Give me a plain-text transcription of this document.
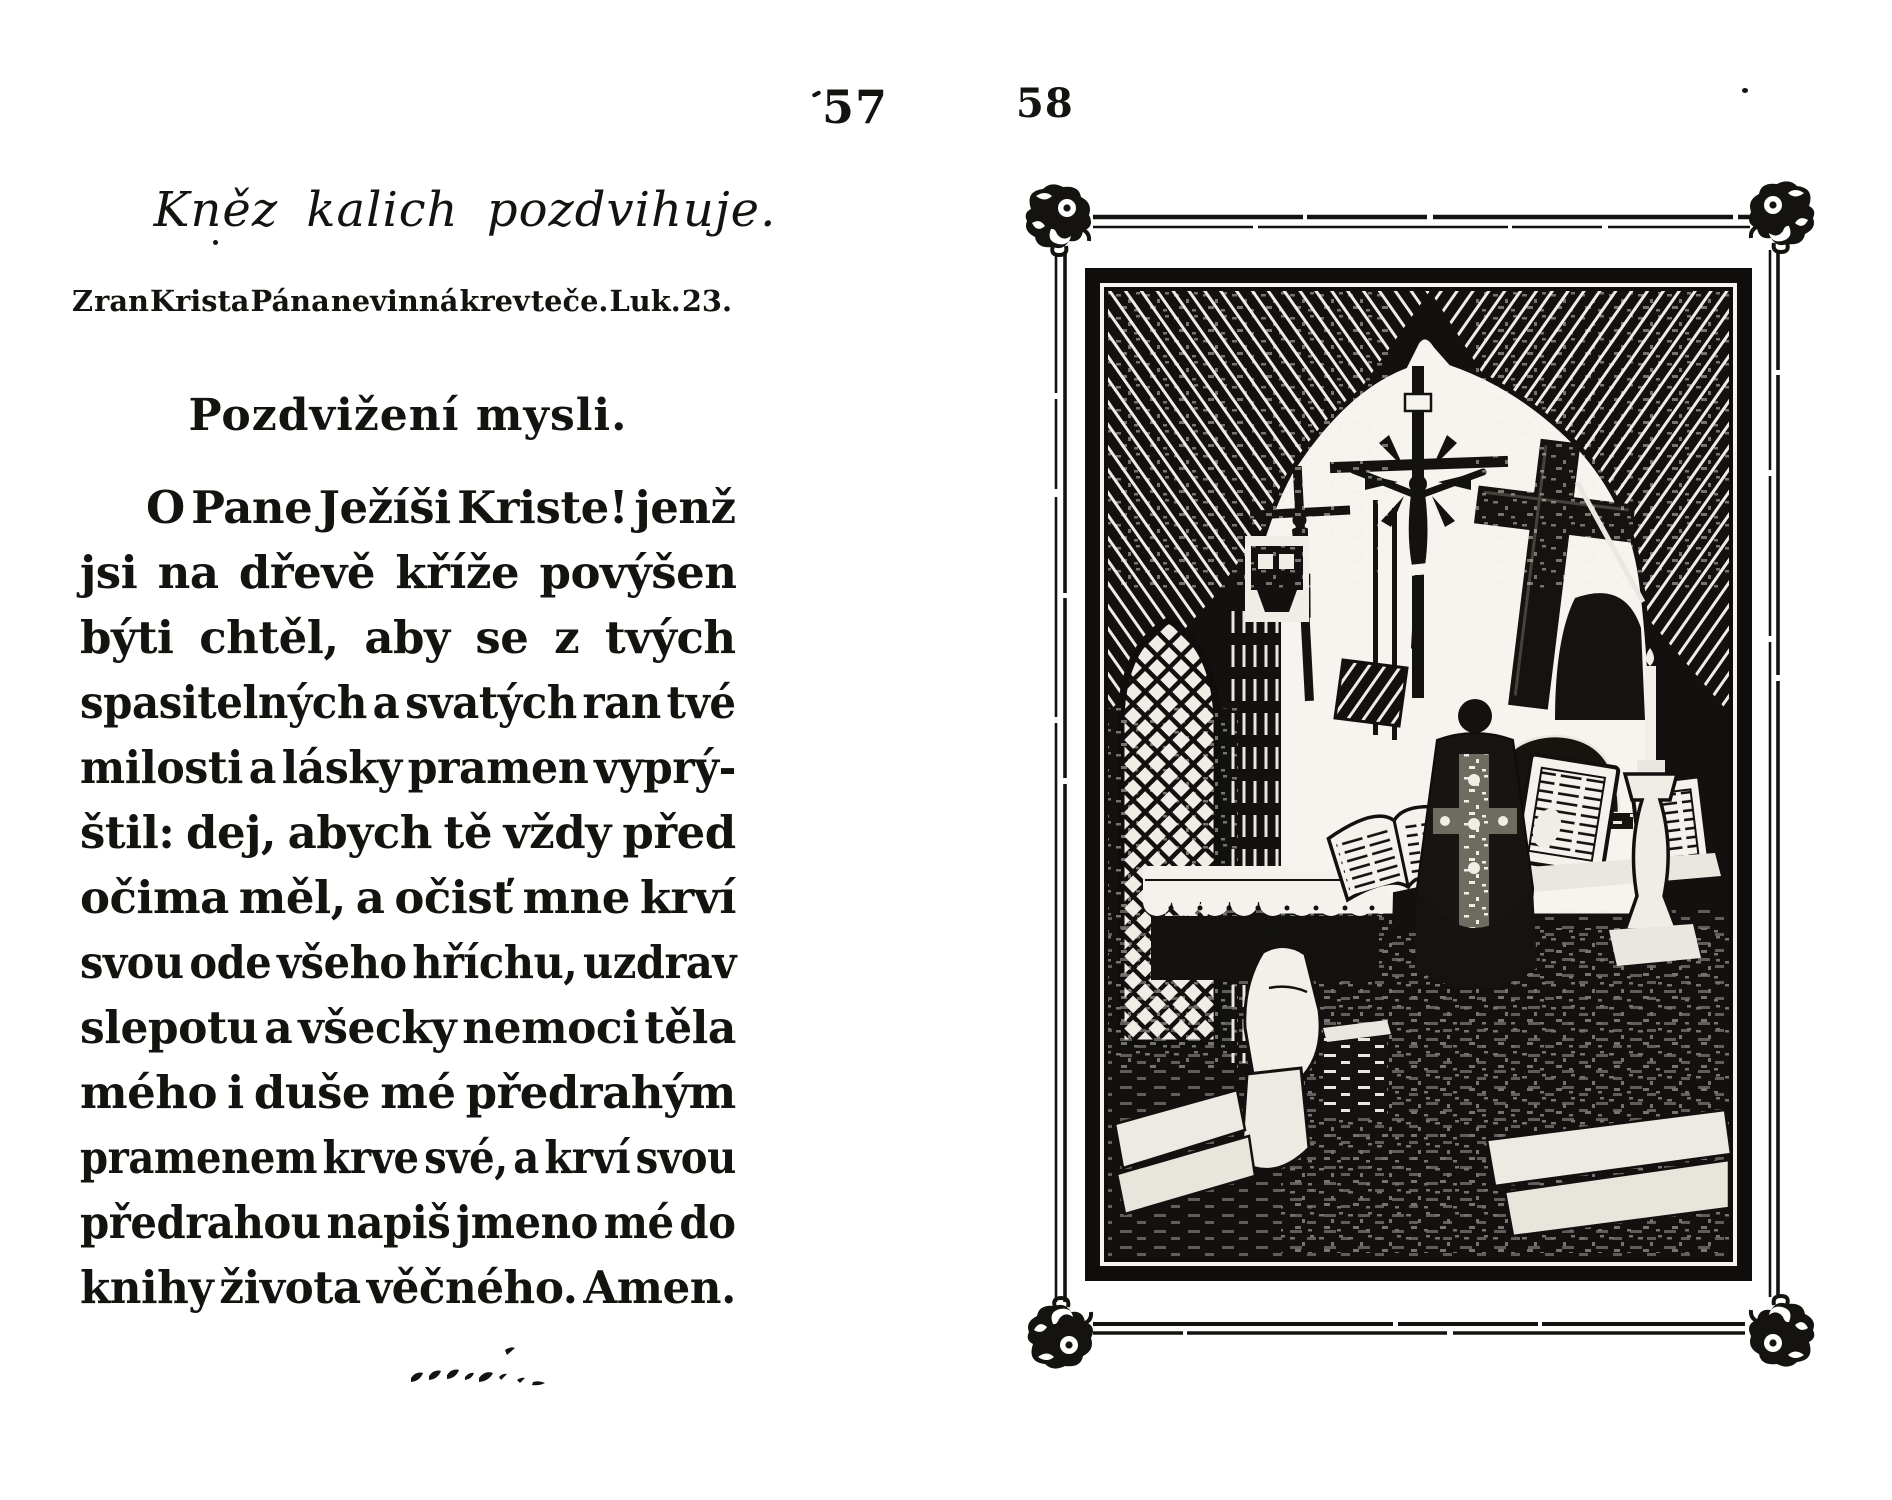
57
Kněz kalich pozdvihuje.
Z ran Krista Pána nevinná krev teče. Luk. 23.
Pozdvižení mysli.
O Pane Ježíši Kriste! jenž
jsi na dřevě kříže povýšen
býti chtěl, aby se z tvých
spasitelných a svatých ran tvé
milosti a lásky pramen vyprý-
štil: dej, abych tě vždy před
očima měl, a očisť mne krví
svou ode všeho hříchu, uzdrav
slepotu a všecky nemoci těla
mého i duše mé předrahým
pramenem krve své, a krví svou
předrahou napiš jmeno mé do
knihy života věčného. Amen.
58
